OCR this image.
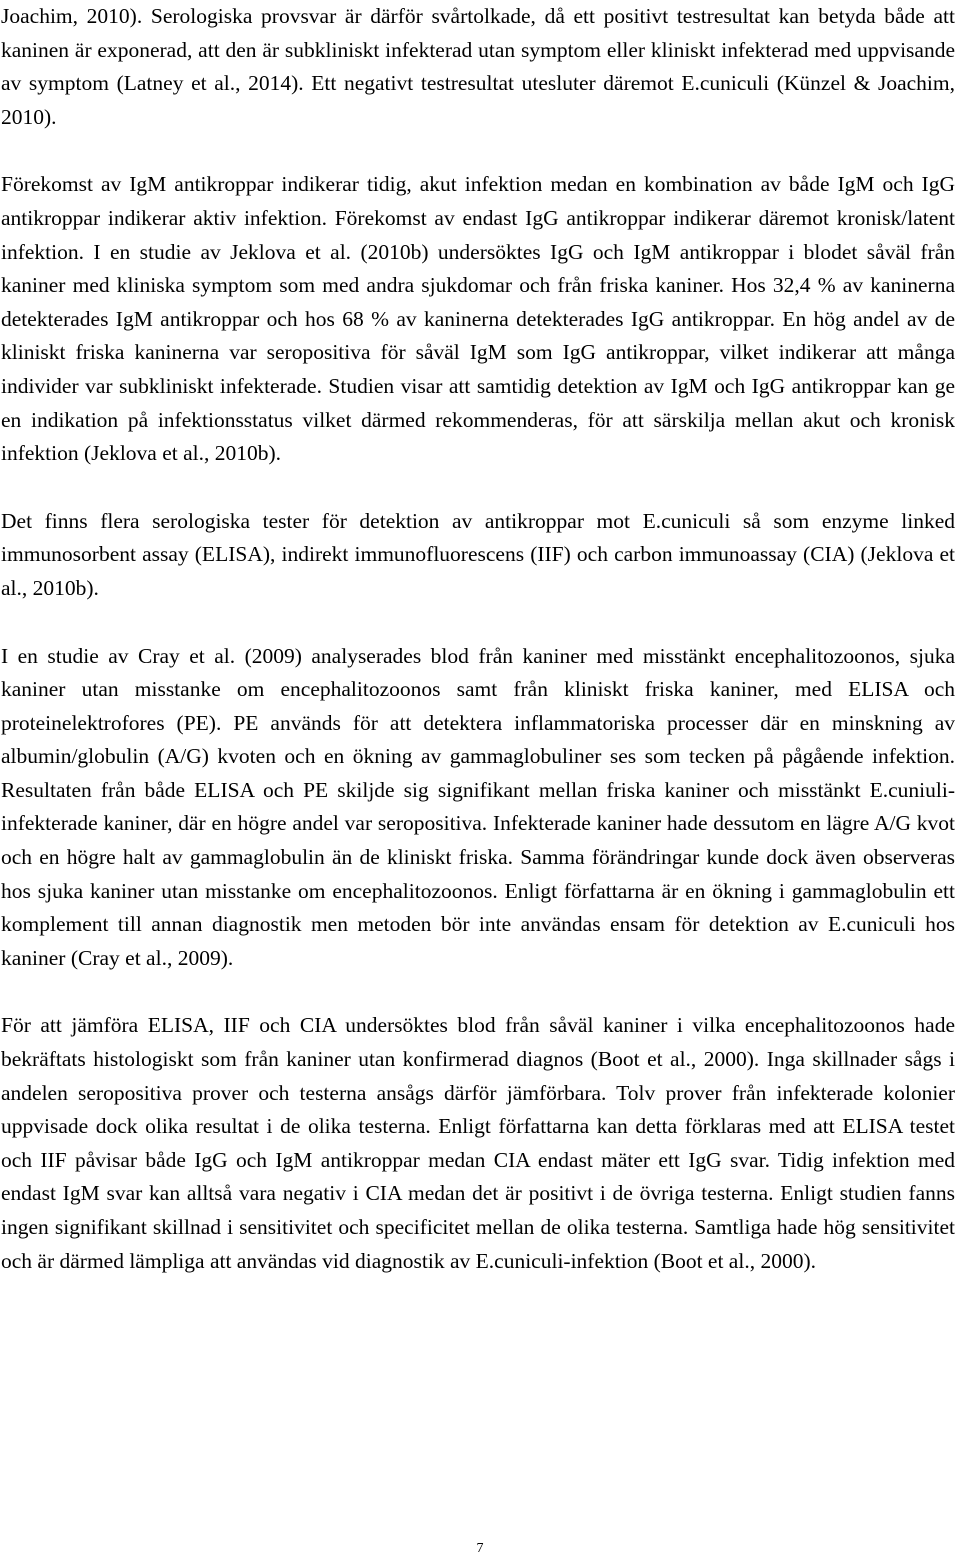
Joachim, 2010). Serologiska provsvar är därför svårtolkade, då ett positivt testresultat kan betyda både att kaninen är exponerad, att den är subkliniskt infekterad utan symptom eller kliniskt infekterad med uppvisande av symptom (Latney et al., 2014). Ett negativt testresultat utesluter däremot E.cuniculi (Künzel & Joachim, 2010).

Förekomst av IgM antikroppar indikerar tidig, akut infektion medan en kombination av både IgM och IgG antikroppar indikerar aktiv infektion. Förekomst av endast IgG antikroppar indikerar däremot kronisk/latent infektion. I en studie av Jeklova et al. (2010b) undersöktes IgG och IgM antikroppar i blodet såväl från kaniner med kliniska symptom som med andra sjukdomar och från friska kaniner. Hos 32,4 % av kaninerna detekterades IgM antikroppar och hos 68 % av kaninerna detekterades IgG antikroppar. En hög andel av de kliniskt friska kaninerna var seropositiva för såväl IgM som IgG antikroppar, vilket indikerar att många individer var subkliniskt infekterade. Studien visar att samtidig detektion av IgM och IgG antikroppar kan ge en indikation på infektionsstatus vilket därmed rekommenderas, för att särskilja mellan akut och kronisk infektion (Jeklova et al., 2010b).

Det finns flera serologiska tester för detektion av antikroppar mot E.cuniculi så som enzyme linked immunosorbent assay (ELISA), indirekt immunofluorescens (IIF) och carbon immunoassay (CIA) (Jeklova et al., 2010b).

I en studie av Cray et al. (2009) analyserades blod från kaniner med misstänkt encephalitozoonos, sjuka kaniner utan misstanke om encephalitozoonos samt från kliniskt friska kaniner, med ELISA och proteinelektrofores (PE). PE används för att detektera inflammatoriska processer där en minskning av albumin/globulin (A/G) kvoten och en ökning av gammaglobuliner ses som tecken på pågående infektion. Resultaten från både ELISA och PE skiljde sig signifikant mellan friska kaniner och misstänkt E.cuniuli-infekterade kaniner, där en högre andel var seropositiva. Infekterade kaniner hade dessutom en lägre A/G kvot och en högre halt av gammaglobulin än de kliniskt friska. Samma förändringar kunde dock även observeras hos sjuka kaniner utan misstanke om encephalitozoonos. Enligt författarna är en ökning i gammaglobulin ett komplement till annan diagnostik men metoden bör inte användas ensam för detektion av E.cuniculi hos kaniner (Cray et al., 2009).

För att jämföra ELISA, IIF och CIA undersöktes blod från såväl kaniner i vilka encephalitozoonos hade bekräftats histologiskt som från kaniner utan konfirmerad diagnos (Boot et al., 2000). Inga skillnader sågs i andelen seropositiva prover och testerna ansågs därför jämförbara. Tolv prover från infekterade kolonier uppvisade dock olika resultat i de olika testerna. Enligt författarna kan detta förklaras med att ELISA testet och IIF påvisar både IgG och IgM antikroppar medan CIA endast mäter ett IgG svar. Tidig infektion med endast IgM svar kan alltså vara negativ i CIA medan det är positivt i de övriga testerna. Enligt studien fanns ingen signifikant skillnad i sensitivitet och specificitet mellan de olika testerna. Samtliga hade hög sensitivitet och är därmed lämpliga att användas vid diagnostik av E.cuniculi-infektion (Boot et al., 2000).

7
